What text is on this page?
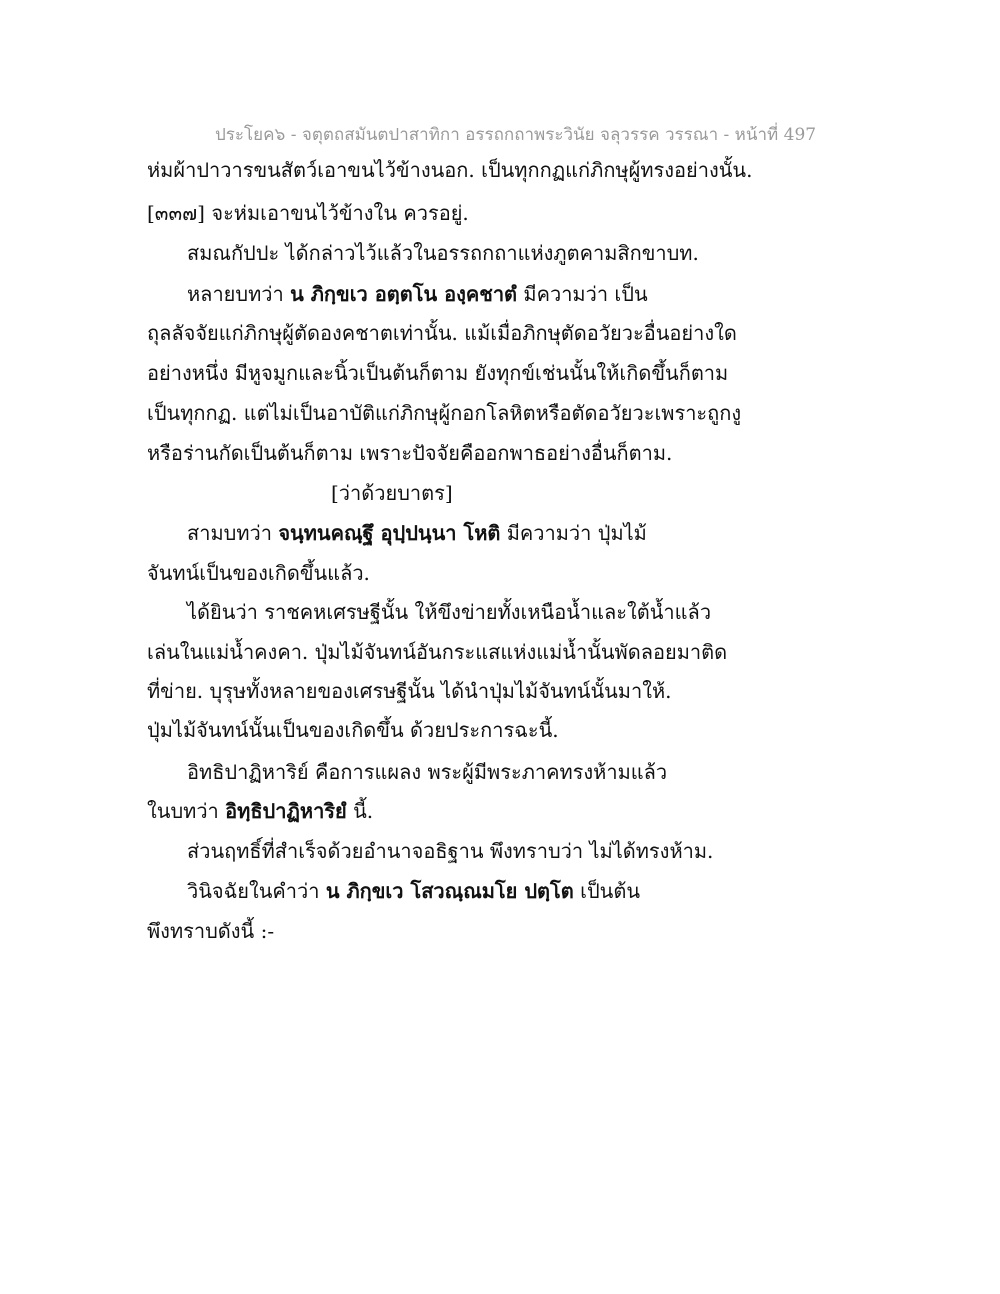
ประโยค๖ - จตุตถสมันตปาสาทิกา อรรถกถาพระวินัย จลุวรรค วรรณา - หน้าที่ 497
ห่มผ้าปาวารขนสัตว์เอาขนไว้ข้างนอก. เป็นทุกกฏแก่ภิกษุผู้ทรงอย่างนั้น.
[๓๓๗] จะห่มเอาขนไว้ข้างใน ควรอยู่.
สมณกัปปะ ได้กล่าวไว้แล้วในอรรถกถาแห่งภูตคามสิกขาบท.
หลายบทว่า น ภิกฺขเว อตฺตโน องฺคชาตํ มีความว่า เป็น
ถุลลัจจัยแก่ภิกษุผู้ตัดองคชาตเท่านั้น. แม้เมื่อภิกษุตัดอวัยวะอื่นอย่างใด
อย่างหนึ่ง มีหูจมูกและนิ้วเป็นต้นก็ตาม ยังทุกข์เช่นนั้นให้เกิดขึ้นก็ตาม
เป็นทุกกฏ. แต่ไม่เป็นอาบัติแก่ภิกษุผู้กอกโลหิตหรือตัดอวัยวะเพราะถูกงู
หรือร่านกัดเป็นต้นก็ตาม เพราะปัจจัยคืออกพาธอย่างอื่นก็ตาม.
[ว่าด้วยบาตร]
สามบทว่า จนฺทนคณฺฐึ อุปฺปนฺนา โหติ มีความว่า ปุ่มไม้
จันทน์เป็นของเกิดขึ้นแล้ว.
ได้ยินว่า ราชคหเศรษฐีนั้น ให้ขึงข่ายทั้งเหนือน้ำและใต้น้ำแล้ว
เล่นในแม่น้ำคงคา. ปุ่มไม้จันทน์อันกระแสแห่งแม่น้ำนั้นพัดลอยมาติด
ที่ข่าย. บุรุษทั้งหลายของเศรษฐีนั้น ได้นำปุ่มไม้จันทน์นั้นมาให้.
ปุ่มไม้จันทน์นั้นเป็นของเกิดขึ้น ด้วยประการฉะนี้.
อิทธิปาฏิหาริย์ คือการแผลง พระผู้มีพระภาคทรงห้ามแล้ว
ในบทว่า อิทฺธิปาฏิหาริยํ นี้.
ส่วนฤทธิ์ที่สำเร็จด้วยอำนาจอธิฐาน พึงทราบว่า ไม่ได้ทรงห้าม.
วินิจฉัยในคำว่า น ภิกฺขเว โสวณฺณมโย ปตฺโต เป็นต้น
พึงทราบดังนี้ :-
